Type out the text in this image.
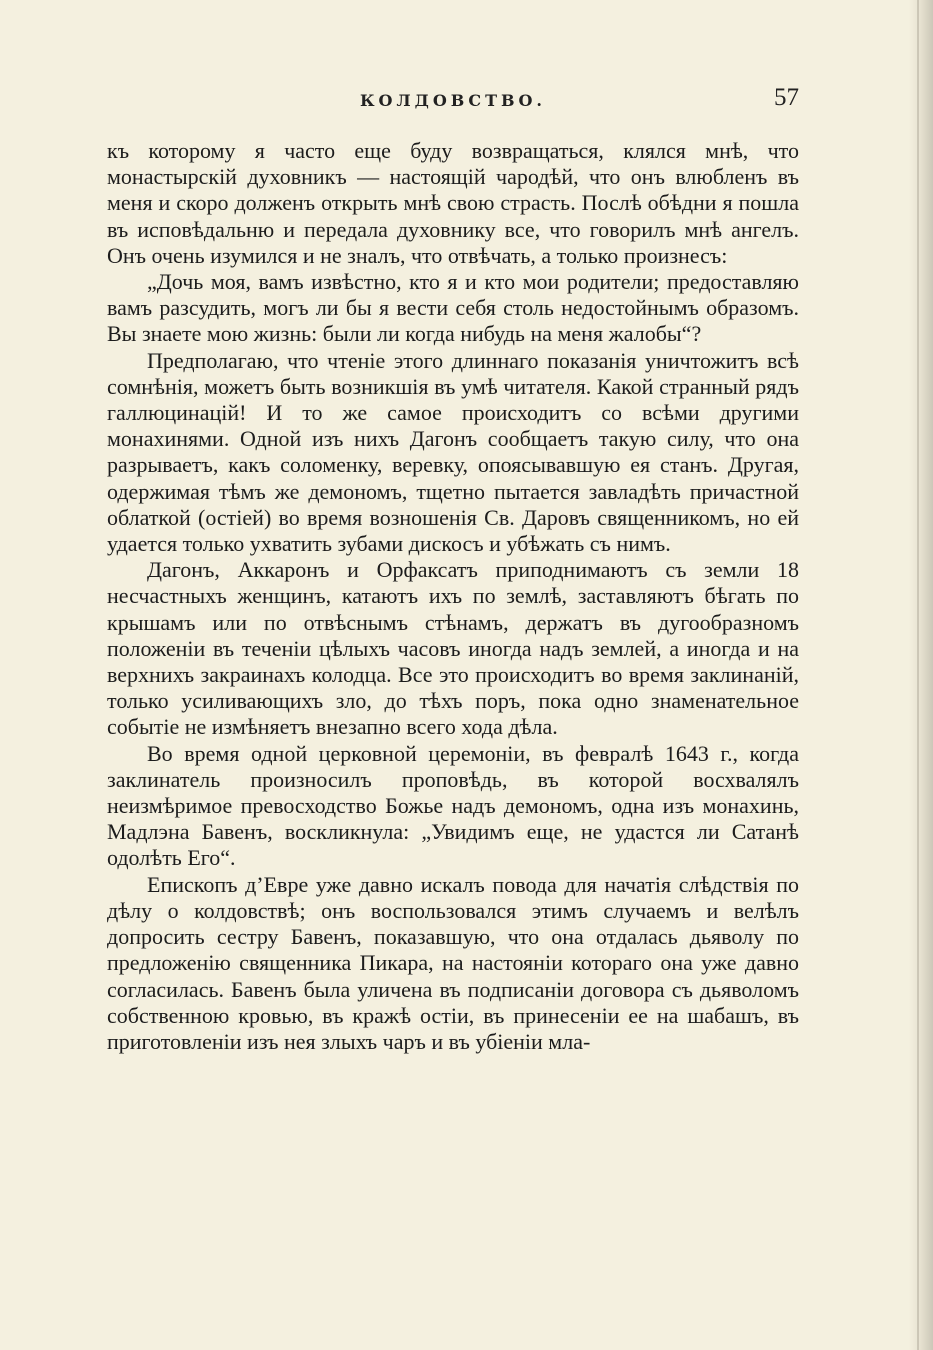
КОЛДОВСТВО.	57

къ которому я часто еще буду возвращаться, клялся мнѣ, что монастырскій духовникъ — настоящій чародѣй, что онъ влюбленъ въ меня и скоро долженъ открыть мнѣ свою страсть. Послѣ обѣдни я пошла въ исповѣдальню и передала духовнику все, что говорилъ мнѣ ангелъ. Онъ очень изумился и не зналъ, что отвѣчать, а только произнесъ:

„Дочь моя, вамъ извѣстно, кто я и кто мои родители; предоставляю вамъ разсудить, могъ ли бы я вести себя столь недостойнымъ образомъ. Вы знаете мою жизнь: были ли когда нибудь на меня жалобы“?

Предполагаю, что чтеніе этого длиннаго показанія уничтожитъ всѣ сомнѣнія, можетъ быть возникшія въ умѣ читателя. Какой странный рядъ галлюцинацій! И то же самое происходитъ со всѣми другими монахинями. Одной изъ нихъ Дагонъ сообщаетъ такую силу, что она разрываетъ, какъ соломенку, веревку, опоясывавшую ея станъ. Другая, одержимая тѣмъ же демономъ, тщетно пытается завладѣть причастной облаткой (остіей) во время возношенія Св. Даровъ священникомъ, но ей удается только ухватить зубами дискосъ и убѣжать съ нимъ.

Дагонъ, Аккаронъ и Орфаксатъ приподнимаютъ съ земли 18 несчастныхъ женщинъ, катаютъ ихъ по землѣ, заставляютъ бѣгать по крышамъ или по отвѣснымъ стѣнамъ, держатъ въ дугообразномъ положеніи въ теченіи цѣлыхъ часовъ иногда надъ землей, а иногда и на верхнихъ закраинахъ колодца. Все это происходитъ во время заклинаній, только усиливающихъ зло, до тѣхъ поръ, пока одно знаменательное событіе не измѣняетъ внезапно всего хода дѣла.

Во время одной церковной церемоніи, въ февралѣ 1643 г., когда заклинатель произносилъ проповѣдь, въ которой восхвалялъ неизмѣримое превосходство Божье надъ демономъ, одна изъ монахинь, Мадлэна Бавенъ, воскликнула: „Увидимъ еще, не удастся ли Сатанѣ одолѣть Его“.

Епископъ д’Евре уже давно искалъ повода для начатія слѣдствія по дѣлу о колдовствѣ; онъ воспользовался этимъ случаемъ и велѣлъ допросить сестру Бавенъ, показавшую, что она отдалась дьяволу по предложенію священника Пикара, на настояніи котораго она уже давно согласилась. Бавенъ была уличена въ подписаніи договора съ дьяволомъ собственною кровью, въ кражѣ остіи, въ принесеніи ее на шабашъ, въ приготовленіи изъ нея злыхъ чаръ и въ убіеніи мла-
